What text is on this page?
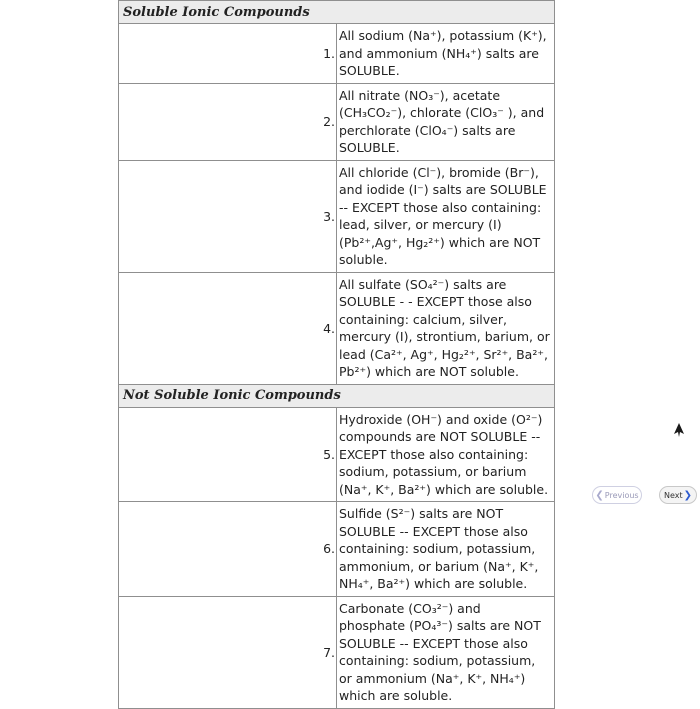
Soluble Ionic Compounds	
1.	All sodium (Na⁺), potassium (K⁺), and ammonium (NH₄⁺) salts are SOLUBLE.
2.	All nitrate (NO₃⁻), acetate (CH₃CO₂⁻), chlorate (ClO₃⁻ ), and perchlorate (ClO₄⁻) salts are SOLUBLE.
3.	All chloride (Cl⁻), bromide (Br⁻), and iodide (I⁻) salts are SOLUBLE -- EXCEPT those also containing: lead, silver, or mercury (I) (Pb²⁺,Ag⁺, Hg₂²⁺) which are NOT soluble.
4.	All sulfate (SO₄²⁻) salts are SOLUBLE - - EXCEPT those also containing: calcium, silver, mercury (I), strontium, barium, or lead (Ca²⁺, Ag⁺, Hg₂²⁺, Sr²⁺, Ba²⁺, Pb²⁺) which are NOT soluble.
Not Soluble Ionic Compounds	
5.	Hydroxide (OH⁻) and oxide (O²⁻) compounds are NOT SOLUBLE -- EXCEPT those also containing: sodium, potassium, or barium (Na⁺, K⁺, Ba²⁺) which are soluble.
6.	Sulfide (S²⁻) salts are NOT SOLUBLE -- EXCEPT those also containing: sodium, potassium, ammonium, or barium (Na⁺, K⁺, NH₄⁺, Ba²⁺) which are soluble.
7.	Carbonate (CO₃²⁻) and phosphate (PO₄³⁻) salts are NOT SOLUBLE -- EXCEPT those also containing: sodium, potassium, or ammonium (Na⁺, K⁺, NH₄⁺) which are soluble.
❮Previous	Next❯
